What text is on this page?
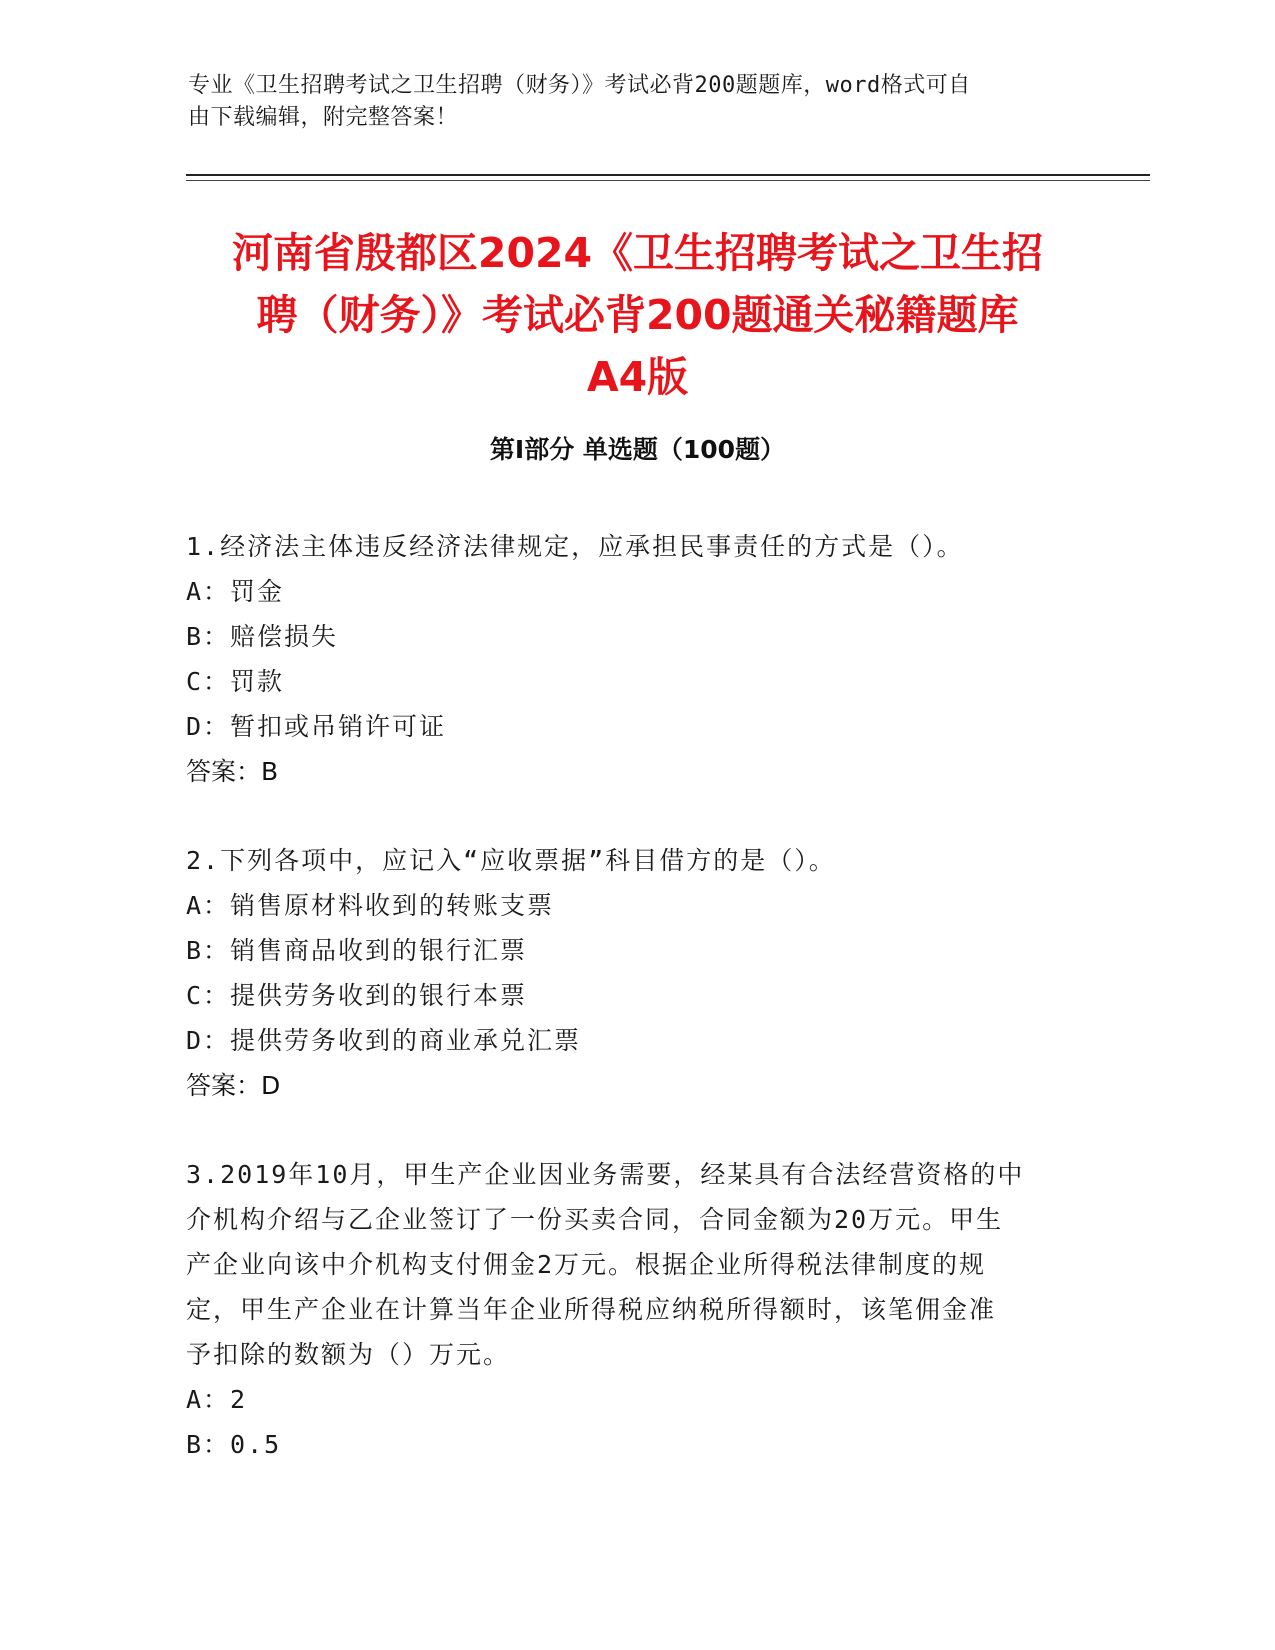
专业《卫生招聘考试之卫生招聘（财务）》考试必背200题题库，word格式可自
由下载编辑，附完整答案！
河南省殷都区2024《卫生招聘考试之卫生招
聘（财务）》考试必背200题通关秘籍题库
A4版
第I部分 单选题（100题）

1.经济法主体违反经济法律规定，应承担民事责任的方式是（）。

A：罚金

B：赔偿损失

C：罚款

D：暂扣或吊销许可证

答案：B

2.下列各项中，应记入“应收票据”科目借方的是（）。

A：销售原材料收到的转账支票

B：销售商品收到的银行汇票

C：提供劳务收到的银行本票

D：提供劳务收到的商业承兑汇票

答案：D

3.2019年10月，甲生产企业因业务需要，经某具有合法经营资格的中

介机构介绍与乙企业签订了一份买卖合同，合同金额为20万元。甲生

产企业向该中介机构支付佣金2万元。根据企业所得税法律制度的规

定，甲生产企业在计算当年企业所得税应纳税所得额时，该笔佣金准

予扣除的数额为（）万元。

A：2

B：0.5
